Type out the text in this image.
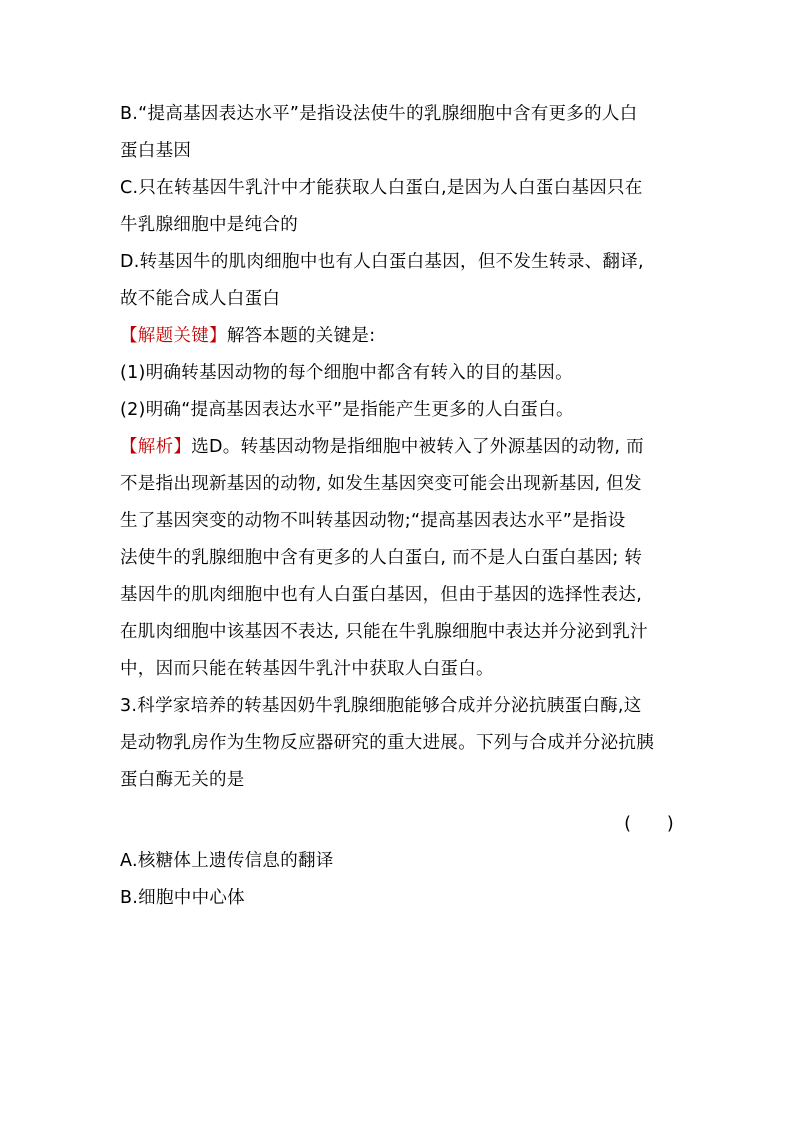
B.“提高基因表达水平”是指设法使牛的乳腺细胞中含有更多的人白
蛋白基因
C.只在转基因牛乳汁中才能获取人白蛋白,是因为人白蛋白基因只在
牛乳腺细胞中是纯合的
D.转基因牛的肌肉细胞中也有人白蛋白基因，但不发生转录、翻译,
故不能合成人白蛋白
【解题关键】解答本题的关键是:
(1)明确转基因动物的每个细胞中都含有转入的目的基因。
(2)明确“提高基因表达水平”是指能产生更多的人白蛋白。
【解析】选D。转基因动物是指细胞中被转入了外源基因的动物, 而
不是指出现新基因的动物, 如发生基因突变可能会出现新基因, 但发
生了基因突变的动物不叫转基因动物;“提高基因表达水平”是指设
法使牛的乳腺细胞中含有更多的人白蛋白, 而不是人白蛋白基因; 转
基因牛的肌肉细胞中也有人白蛋白基因，但由于基因的选择性表达,
在肌肉细胞中该基因不表达, 只能在牛乳腺细胞中表达并分泌到乳汁
中，因而只能在转基因牛乳汁中获取人白蛋白。
3.科学家培养的转基因奶牛乳腺细胞能够合成并分泌抗胰蛋白酶,这
是动物乳房作为生物反应器研究的重大进展。下列与合成并分泌抗胰
蛋白酶无关的是
(　　)
A.核糖体上遗传信息的翻译
B.细胞中中心体
